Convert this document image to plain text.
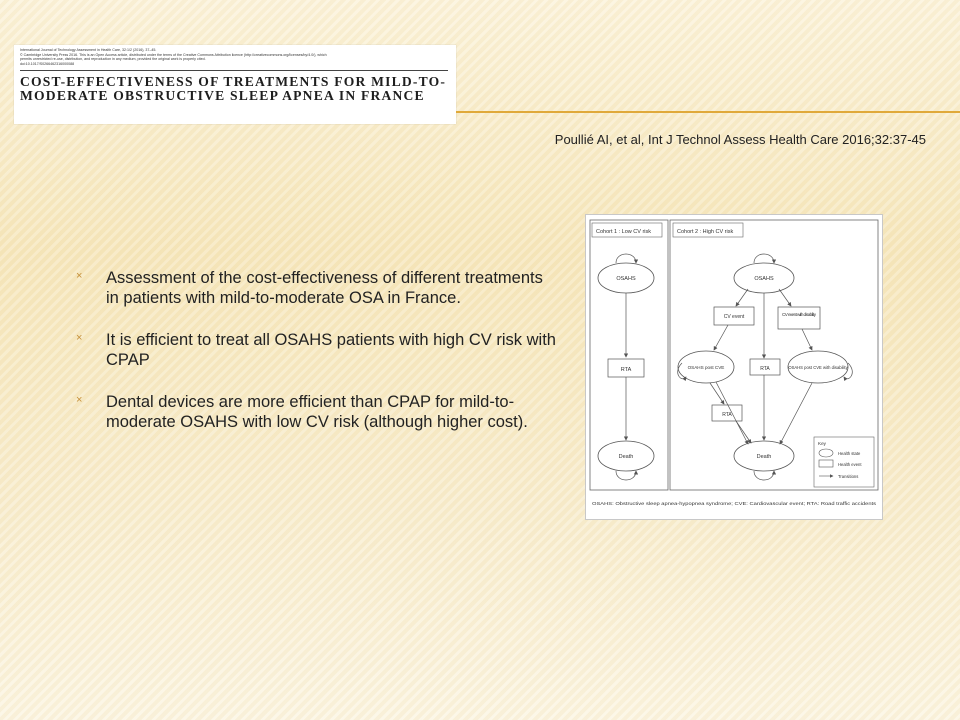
International Journal of Technology Assessment in Health Care, 32:1/2 (2016), 37–45.
© Cambridge University Press 2016. This is an Open Access article, distributed under the terms of the Creative Commons Attribution licence (http://creativecommons.org/licenses/by/4.0/), which
permits unrestricted re-use, distribution, and reproduction in any medium, provided the original work is properly cited.
doi:10.1017/S0266462316000088
COST-EFFECTIVENESS OF TREATMENTS FOR MILD-TO-MODERATE OBSTRUCTIVE SLEEP APNEA IN FRANCE
Poullié AI, et al, Int J Technol Assess Health Care 2016;32:37-45
× Assessment of the cost-effectiveness of different treatments in patients with mild-to-moderate OSA in France.
× It is efficient to treat all OSAHS patients with high CV risk with CPAP
× Dental devices are more efficient than CPAP for mild-to-moderate OSAHS with low CV risk (although higher cost).
Cohort 1 : Low CV risk	Cohort 2 : High CV risk
OSAHS
RTA
Death
OSAHS
CV event	CV event with disability
OSAHS post CVE	OSAHS post CVE with disability
RTA
RTA
Death
Key
Health state
Health event
Transitions
OSAHS: Obstructive sleep apnea-hypopnea syndrome; CVE: Cardiovascular event; RTA: Road traffic accidents
